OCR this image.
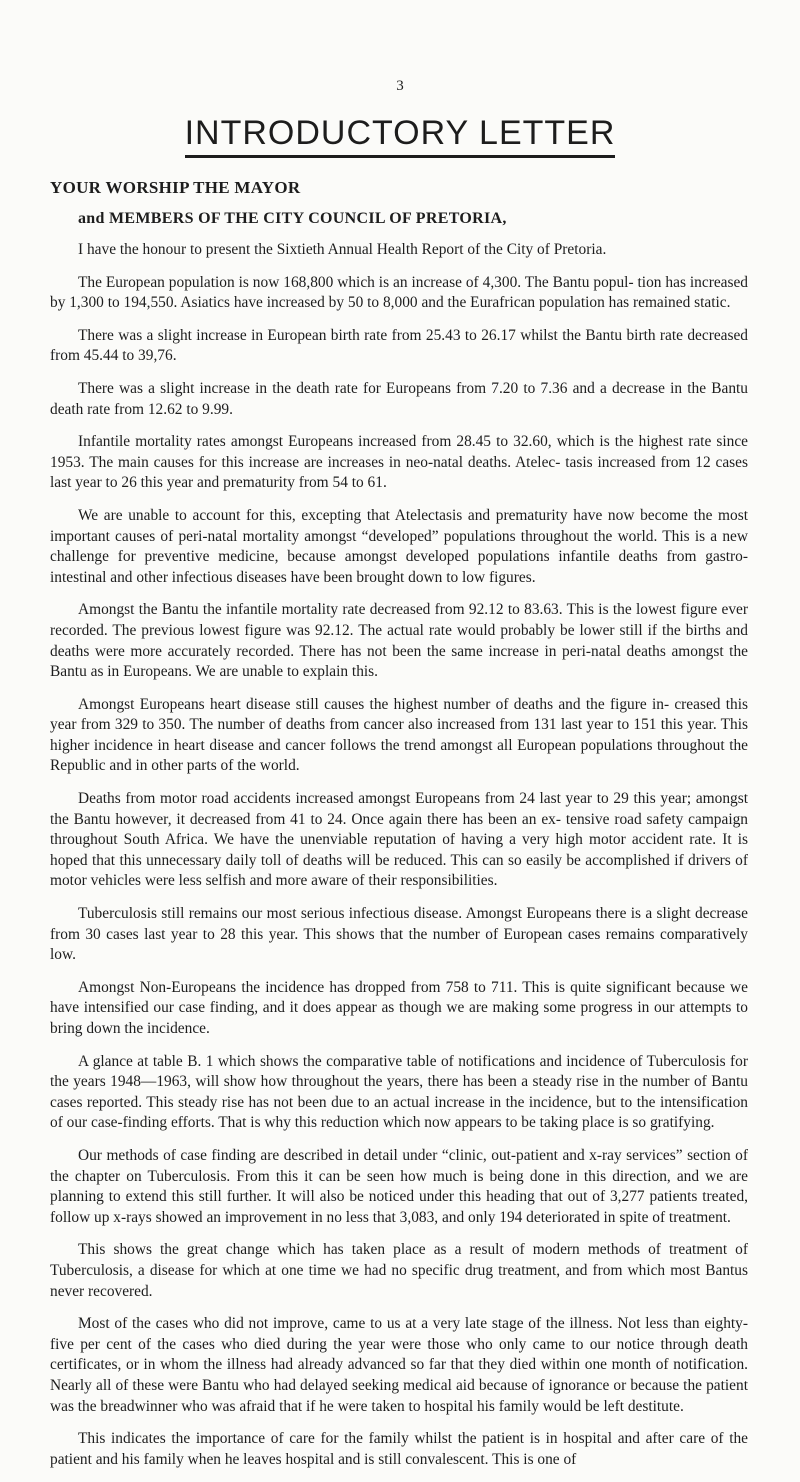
3
INTRODUCTORY LETTER
YOUR WORSHIP THE MAYOR
and MEMBERS OF THE CITY COUNCIL OF PRETORIA,

I have the honour to present the Sixtieth Annual Health Report of the City of Pretoria.

The European population is now 168,800 which is an increase of 4,300. The Bantu popul- tion has increased by 1,300 to 194,550. Asiatics have increased by 50 to 8,000 and the Eurafrican population has remained static.

There was a slight increase in European birth rate from 25.43 to 26.17 whilst the Bantu birth rate decreased from 45.44 to 39,76.

There was a slight increase in the death rate for Europeans from 7.20 to 7.36 and a decrease in the Bantu death rate from 12.62 to 9.99.

Infantile mortality rates amongst Europeans increased from 28.45 to 32.60, which is the highest rate since 1953. The main causes for this increase are increases in neo-natal deaths. Atelec- tasis increased from 12 cases last year to 26 this year and prematurity from 54 to 61.

We are unable to account for this, excepting that Atelectasis and prematurity have now become the most important causes of peri-natal mortality amongst “developed” populations throughout the world. This is a new challenge for preventive medicine, because amongst developed populations infantile deaths from gastro-intestinal and other infectious diseases have been brought down to low figures.

Amongst the Bantu the infantile mortality rate decreased from 92.12 to 83.63. This is the lowest figure ever recorded. The previous lowest figure was 92.12. The actual rate would probably be lower still if the births and deaths were more accurately recorded. There has not been the same increase in peri-natal deaths amongst the Bantu as in Europeans. We are unable to explain this.

Amongst Europeans heart disease still causes the highest number of deaths and the figure in- creased this year from 329 to 350. The number of deaths from cancer also increased from 131 last year to 151 this year. This higher incidence in heart disease and cancer follows the trend amongst all European populations throughout the Republic and in other parts of the world.

Deaths from motor road accidents increased amongst Europeans from 24 last year to 29 this year; amongst the Bantu however, it decreased from 41 to 24. Once again there has been an ex- tensive road safety campaign throughout South Africa. We have the unenviable reputation of having a very high motor accident rate. It is hoped that this unnecessary daily toll of deaths will be reduced. This can so easily be accomplished if drivers of motor vehicles were less selfish and more aware of their responsibilities.

Tuberculosis still remains our most serious infectious disease. Amongst Europeans there is a slight decrease from 30 cases last year to 28 this year. This shows that the number of European cases remains comparatively low.

Amongst Non-Europeans the incidence has dropped from 758 to 711. This is quite significant because we have intensified our case finding, and it does appear as though we are making some progress in our attempts to bring down the incidence.

A glance at table B. 1 which shows the comparative table of notifications and incidence of Tuberculosis for the years 1948—1963, will show how throughout the years, there has been a steady rise in the number of Bantu cases reported. This steady rise has not been due to an actual increase in the incidence, but to the intensification of our case-finding efforts. That is why this reduction which now appears to be taking place is so gratifying.

Our methods of case finding are described in detail under “clinic, out-patient and x-ray services” section of the chapter on Tuberculosis. From this it can be seen how much is being done in this direction, and we are planning to extend this still further. It will also be noticed under this heading that out of 3,277 patients treated, follow up x-rays showed an improvement in no less that 3,083, and only 194 deteriorated in spite of treatment.

This shows the great change which has taken place as a result of modern methods of treatment of Tuberculosis, a disease for which at one time we had no specific drug treatment, and from which most Bantus never recovered.

Most of the cases who did not improve, came to us at a very late stage of the illness. Not less than eighty-five per cent of the cases who died during the year were those who only came to our notice through death certificates, or in whom the illness had already advanced so far that they died within one month of notification. Nearly all of these were Bantu who had delayed seeking medical aid because of ignorance or because the patient was the breadwinner who was afraid that if he were taken to hospital his family would be left destitute.

This indicates the importance of care for the family whilst the patient is in hospital and after care of the patient and his family when he leaves hospital and is still convalescent. This is one of
